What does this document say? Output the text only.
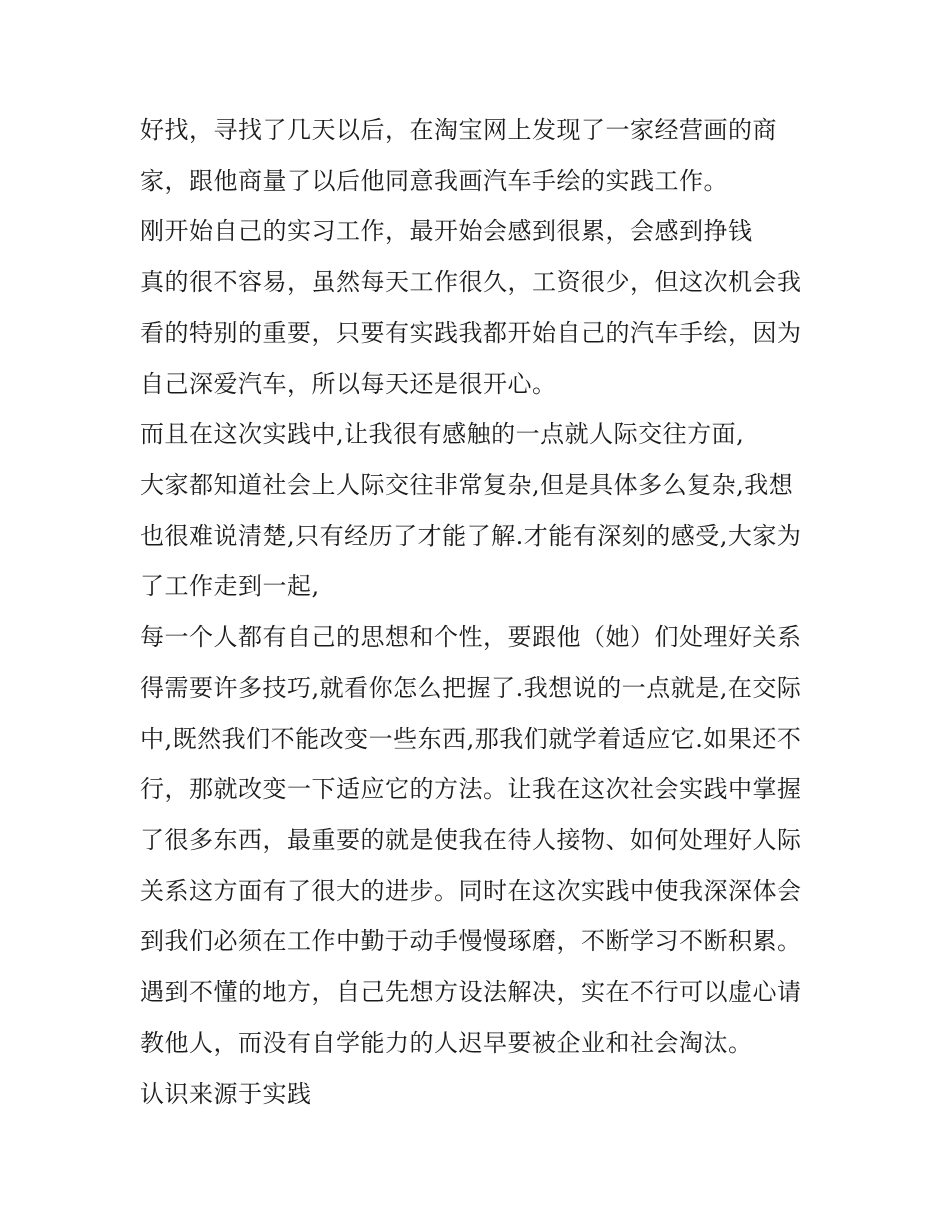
好找，寻找了几天以后，在淘宝网上发现了一家经营画的商
家，跟他商量了以后他同意我画汽车手绘的实践工作。
刚开始自己的实习工作，最开始会感到很累，会感到挣钱
真的很不容易，虽然每天工作很久，工资很少，但这次机会我
看的特别的重要，只要有实践我都开始自己的汽车手绘，因为
自己深爱汽车，所以每天还是很开心。
而且在这次实践中,让我很有感触的一点就人际交往方面,
大家都知道社会上人际交往非常复杂,但是具体多么复杂,我想
也很难说清楚,只有经历了才能了解.才能有深刻的感受,大家为
了工作走到一起,
每一个人都有自己的思想和个性，要跟他（她）们处理好关系
得需要许多技巧,就看你怎么把握了.我想说的一点就是,在交际
中,既然我们不能改变一些东西,那我们就学着适应它.如果还不
行，那就改变一下适应它的方法。让我在这次社会实践中掌握
了很多东西，最重要的就是使我在待人接物、如何处理好人际
关系这方面有了很大的进步。同时在这次实践中使我深深体会
到我们必须在工作中勤于动手慢慢琢磨，不断学习不断积累。
遇到不懂的地方，自己先想方设法解决，实在不行可以虚心请
教他人，而没有自学能力的人迟早要被企业和社会淘汰。
认识来源于实践
